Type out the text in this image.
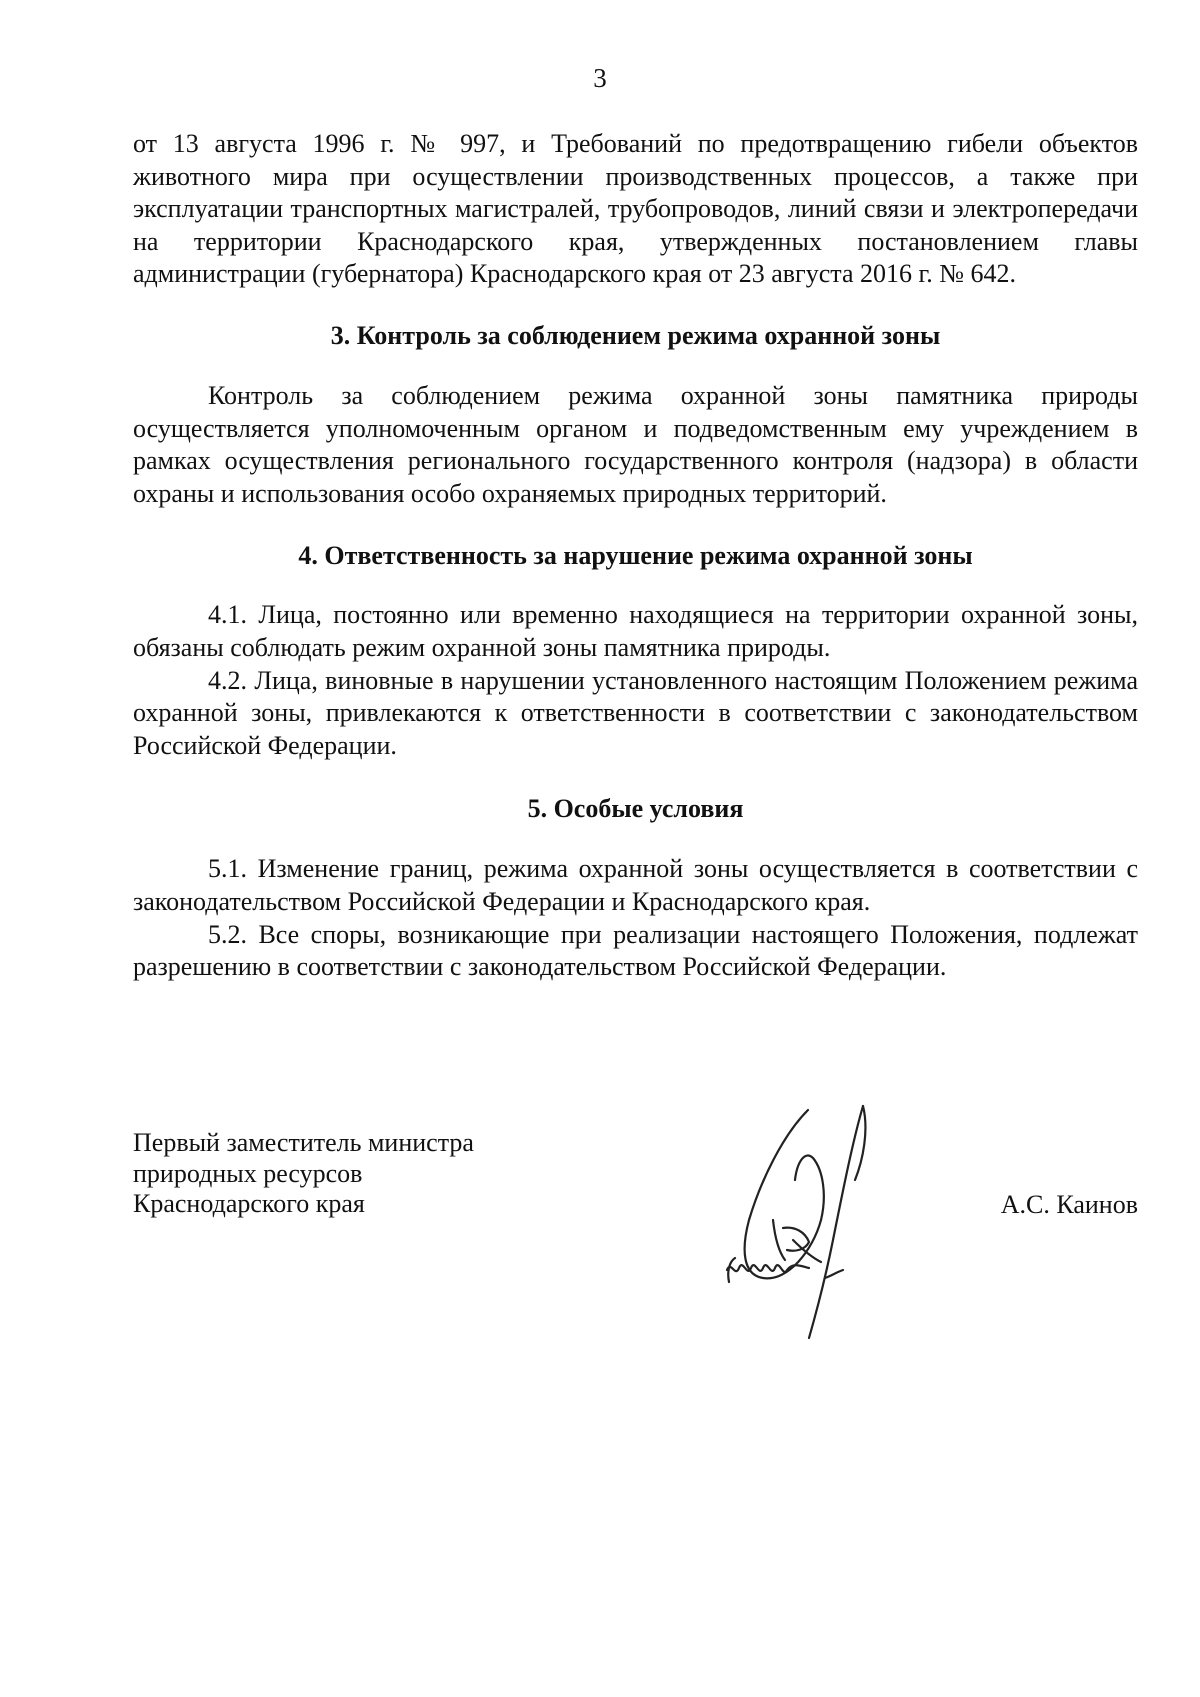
3

от 13 августа 1996 г. № 997, и Требований по предотвращению гибели объектов животного мира при осуществлении производственных процессов, а также при эксплуатации транспортных магистралей, трубопроводов, линий связи и электропередачи на территории Краснодарского края, утвержденных постановлением главы администрации (губернатора) Краснодарского края от 23 августа 2016 г. № 642.

3. Контроль за соблюдением режима охранной зоны

Контроль за соблюдением режима охранной зоны памятника природы осуществляется уполномоченным органом и подведомственным ему учреждением в рамках осуществления регионального государственного контроля (надзора) в области охраны и использования особо охраняемых природных территорий.

4. Ответственность за нарушение режима охранной зоны

4.1. Лица, постоянно или временно находящиеся на территории охранной зоны, обязаны соблюдать режим охранной зоны памятника природы.

4.2. Лица, виновные в нарушении установленного настоящим Положением режима охранной зоны, привлекаются к ответственности в соответствии с законодательством Российской Федерации.

5. Особые условия

5.1. Изменение границ, режима охранной зоны осуществляется в соответствии с законодательством Российской Федерации и Краснодарского края.

5.2. Все споры, возникающие при реализации настоящего Положения, подлежат разрешению в соответствии с законодательством Российской Федерации.

Первый заместитель министра
природных ресурсов
Краснодарского края	А.С. Каинов
